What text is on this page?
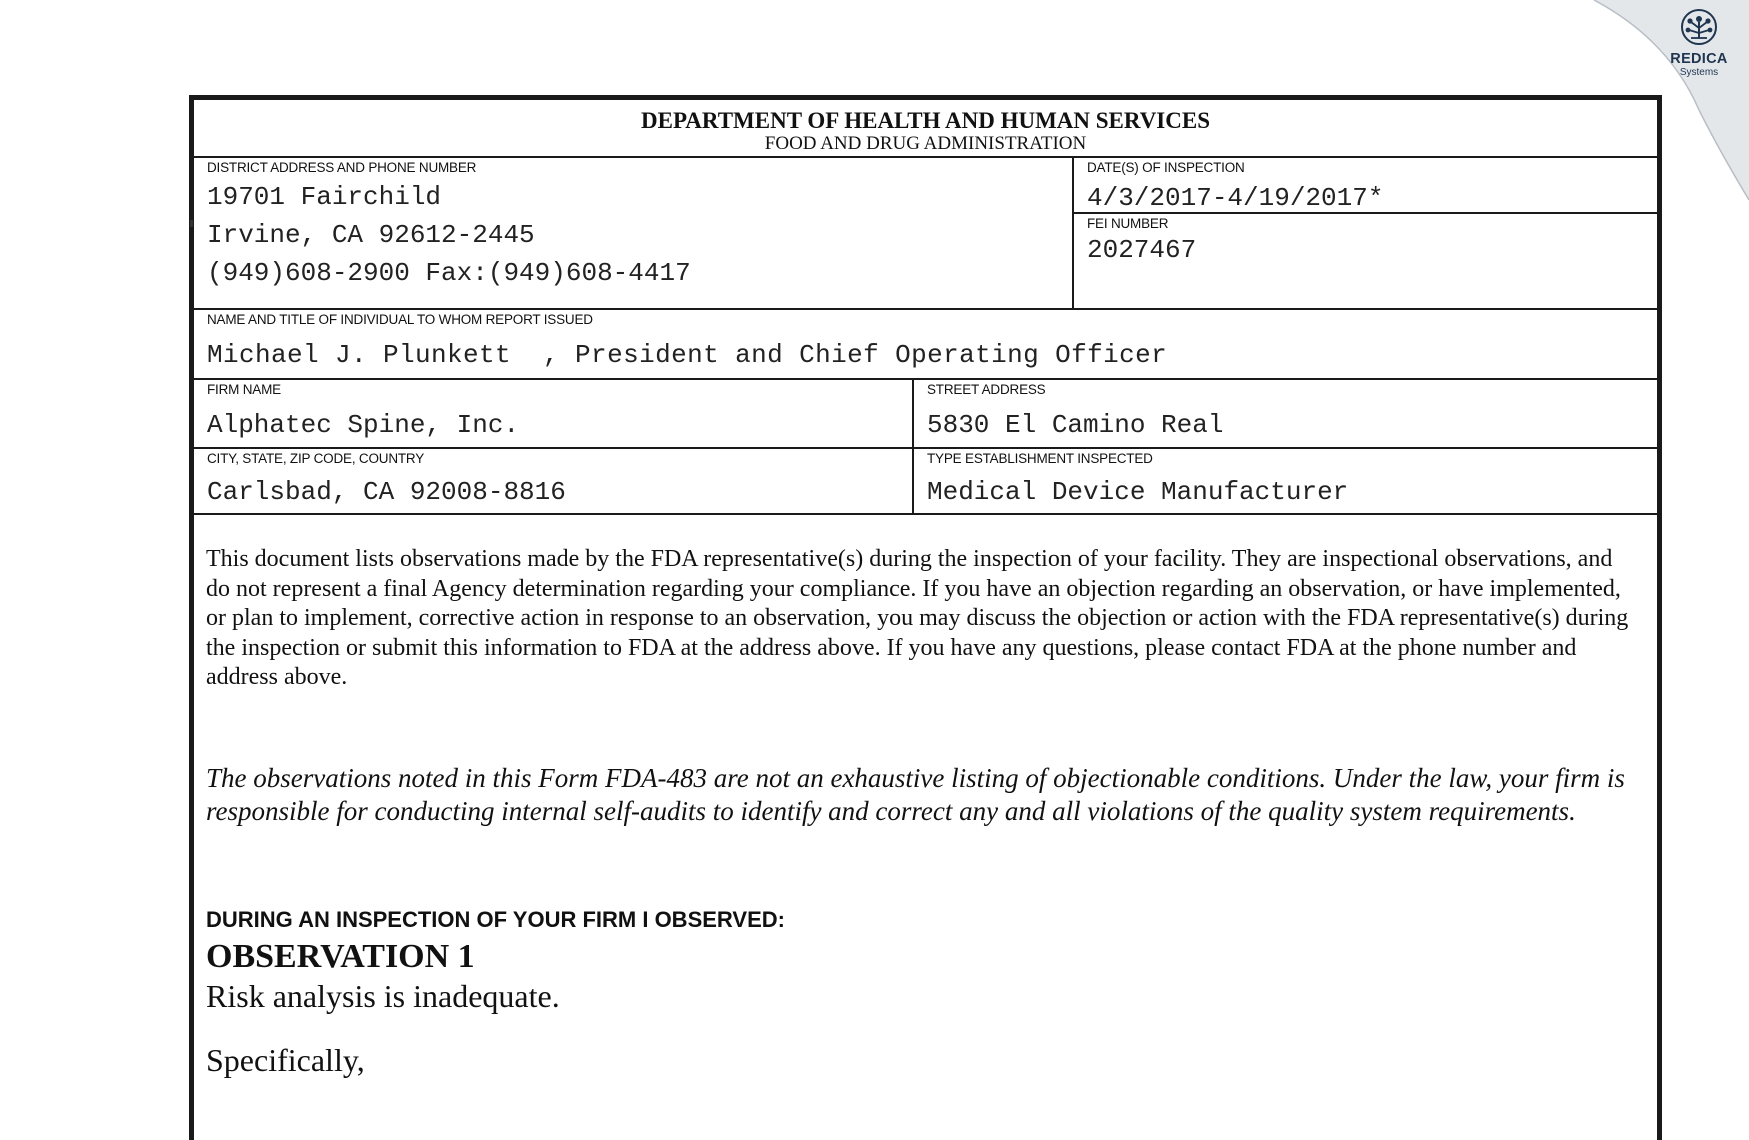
DEPARTMENT OF HEALTH AND HUMAN SERVICES
FOOD AND DRUG ADMINISTRATION
DISTRICT ADDRESS AND PHONE NUMBER
19701 Fairchild
Irvine, CA 92612-2445
(949)608-2900 Fax:(949)608-4417
DATE(S) OF INSPECTION
4/3/2017-4/19/2017*
FEI NUMBER
2027467
NAME AND TITLE OF INDIVIDUAL TO WHOM REPORT ISSUED
Michael J. Plunkett  , President and Chief Operating Officer
FIRM NAME
Alphatec Spine, Inc.
STREET ADDRESS
5830 El Camino Real
CITY, STATE, ZIP CODE, COUNTRY
Carlsbad, CA 92008-8816
TYPE ESTABLISHMENT INSPECTED
Medical Device Manufacturer

This document lists observations made by the FDA representative(s) during the inspection of your facility. They are inspectional observations, and do not represent a final Agency determination regarding your compliance. If you have an objection regarding an observation, or have implemented, or plan to implement, corrective action in response to an observation, you may discuss the objection or action with the FDA representative(s) during the inspection or submit this information to FDA at the address above. If you have any questions, please contact FDA at the phone number and address above.

The observations noted in this Form FDA-483 are not an exhaustive listing of objectionable conditions. Under the law, your firm is responsible for conducting internal self-audits to identify and correct any and all violations of the quality system requirements.

DURING AN INSPECTION OF YOUR FIRM I OBSERVED:
OBSERVATION 1
Risk analysis is inadequate.
Specifically,
REDICA
Systems
